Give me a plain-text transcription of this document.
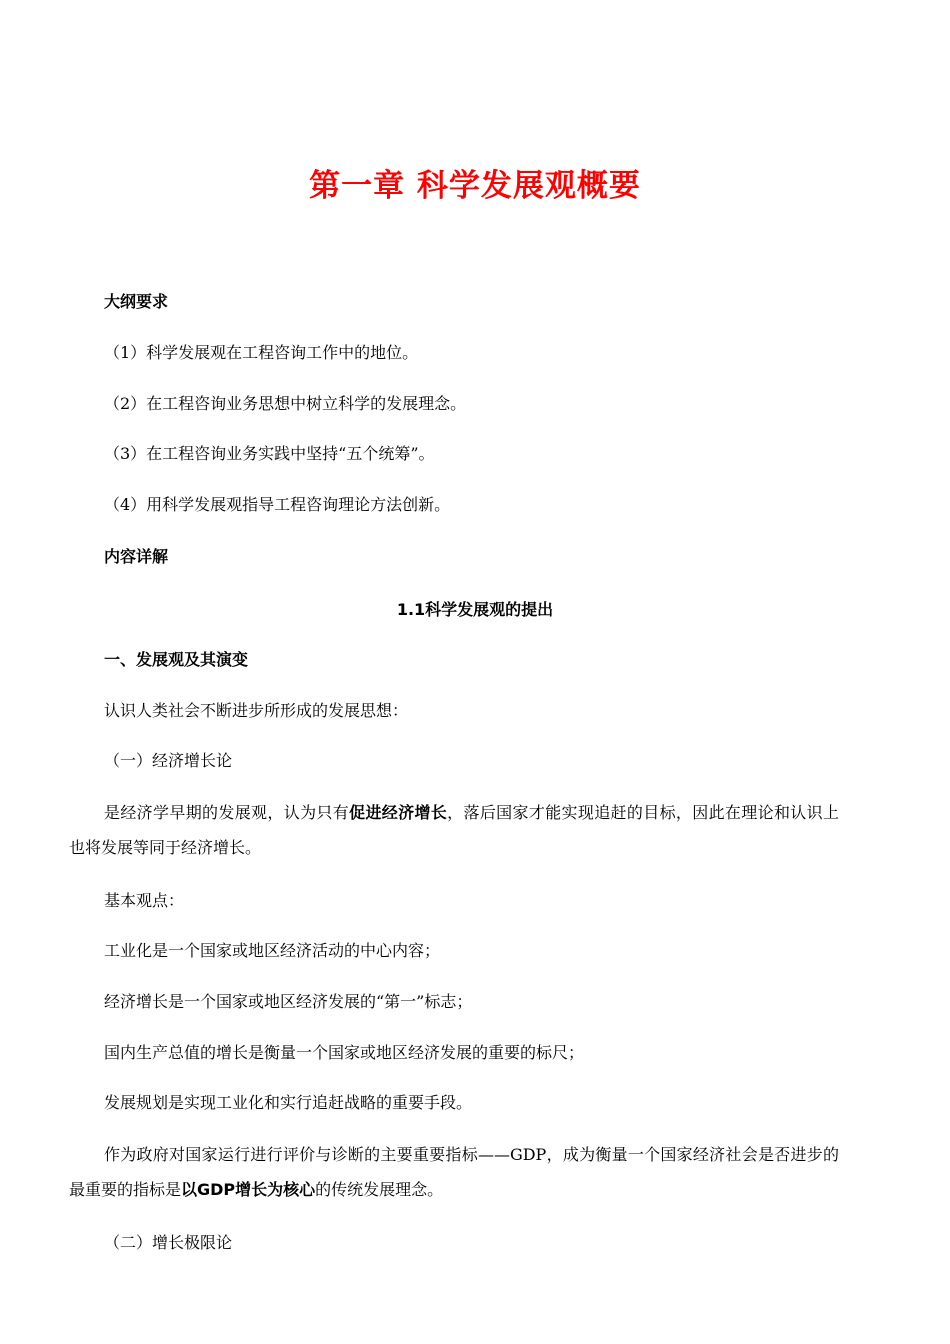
第一章 科学发展观概要
大纲要求
（1）科学发展观在工程咨询工作中的地位。
（2）在工程咨询业务思想中树立科学的发展理念。
（3）在工程咨询业务实践中坚持“五个统筹”。
（4）用科学发展观指导工程咨询理论方法创新。
内容详解
1.1科学发展观的提出
一、发展观及其演变
认识人类社会不断进步所形成的发展思想：
（一）经济增长论

是经济学早期的发展观，认为只有促进经济增长，落后国家才能实现追赶的目标，因此在理论和认识上也将发展等同于经济增长。

基本观点：
工业化是一个国家或地区经济活动的中心内容；
经济增长是一个国家或地区经济发展的“第一”标志；
国内生产总值的增长是衡量一个国家或地区经济发展的重要的标尺；
发展规划是实现工业化和实行追赶战略的重要手段。

作为政府对国家运行进行评价与诊断的主要重要指标——GDP，成为衡量一个国家经济社会是否进步的最重要的指标是以GDP增长为核心的传统发展理念。

（二）增长极限论
